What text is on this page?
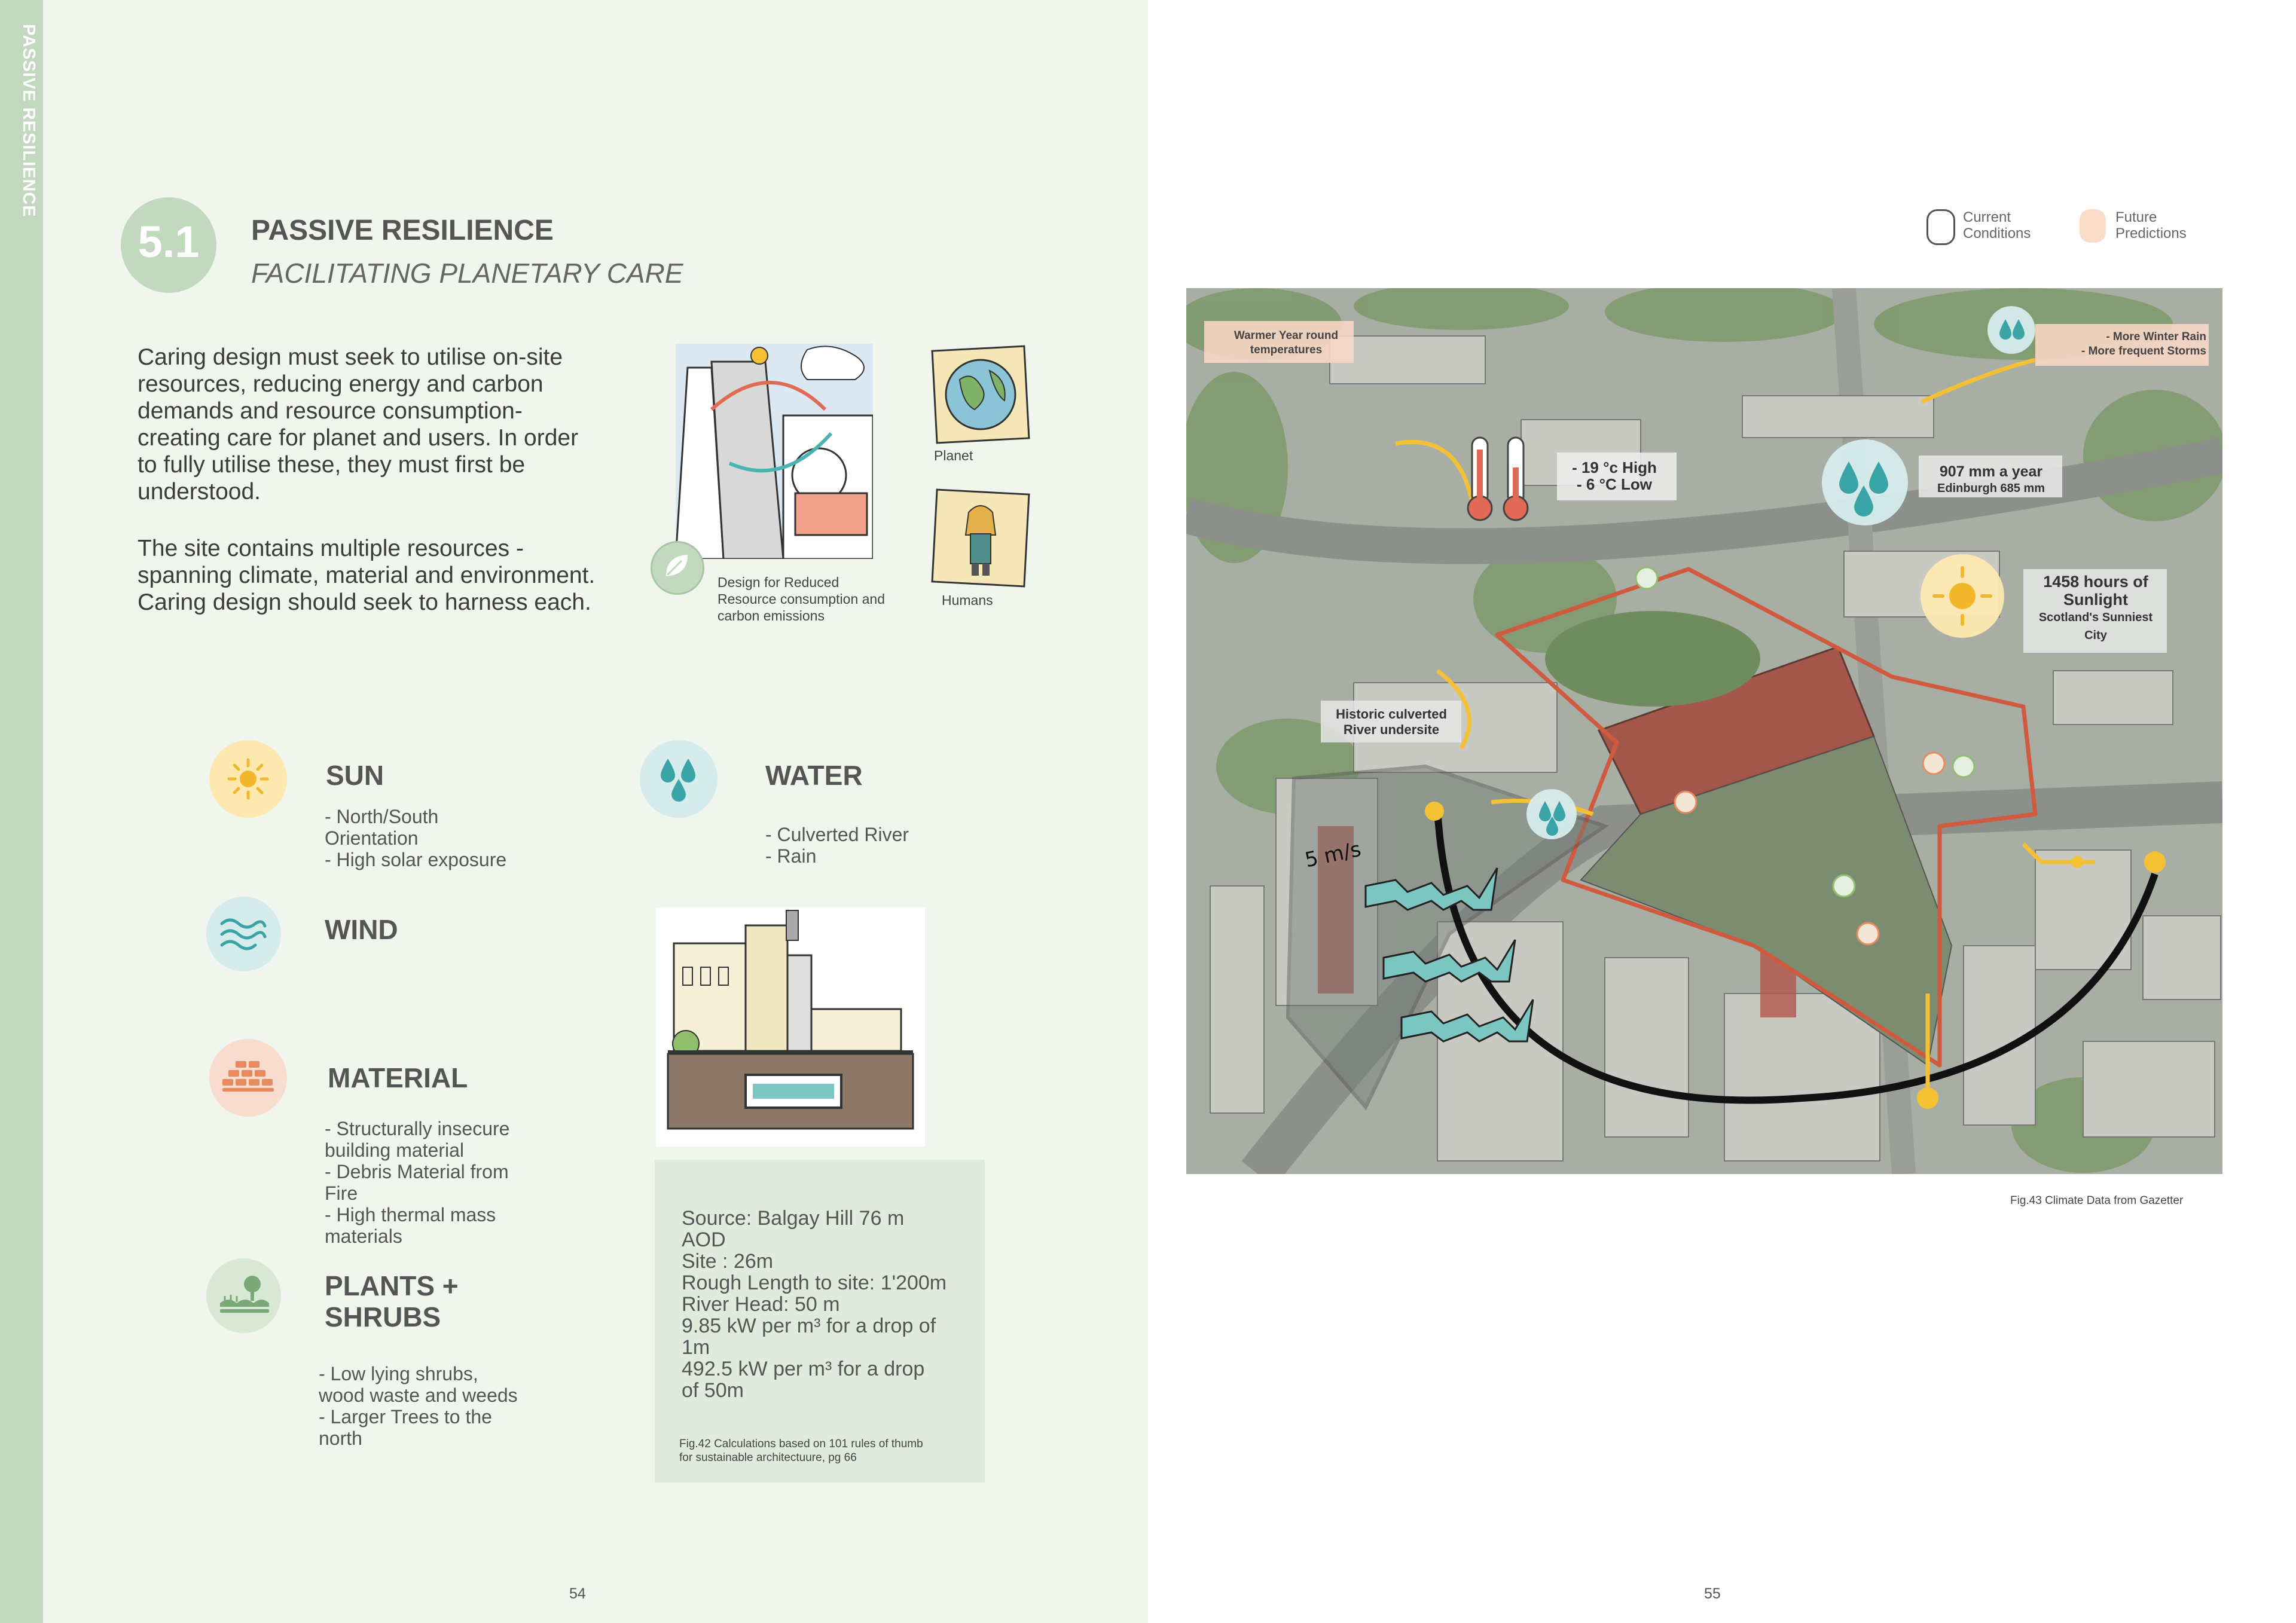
PASSIVE RESILIENCE
5.1	PASSIVE RESILIENCE
FACILITATING PLANETARY CARE
Caring design must seek to utilise on-site
resources, reducing energy and carbon
demands and resource consumption-
creating care for planet and users. In order
to fully utilise these, they must first be
understood.
The site contains multiple resources -
spanning climate, material and environment.
Caring design should seek to harness each.
Design for Reduced
Resource consumption and
carbon emissions
Planet
Humans
SUN
- North/South
Orientation
- High solar exposure
WATER
- Culverted River
- Rain
WIND
MATERIAL
- Structurally insecure
building material
- Debris Material from
Fire
- High thermal mass
materials
PLANTS +
SHRUBS
- Low lying shrubs,
wood waste and weeds
- Larger Trees to the
north
Source: Balgay Hill 76 m
AOD
Site : 26m
Rough Length to site: 1'200m
River Head: 50 m
9.85 kW per m³ for a drop of
1m
492.5 kW per m³ for a drop
of 50m
Fig.42 Calculations based on 101 rules of thumb
for sustainable architectuure, pg 66
54
Current
Conditions
Future
Predictions
Warmer Year round
temperatures
- More Winter Rain
- More frequent Storms
- 19 °c High
- 6 °C Low
907 mm a year
Edinburgh 685 mm
1458 hours of
Sunlight
Scotland's Sunniest
City
Historic culverted
River undersite
5 m/s
Fig.43 Climate Data from Gazetter
55
